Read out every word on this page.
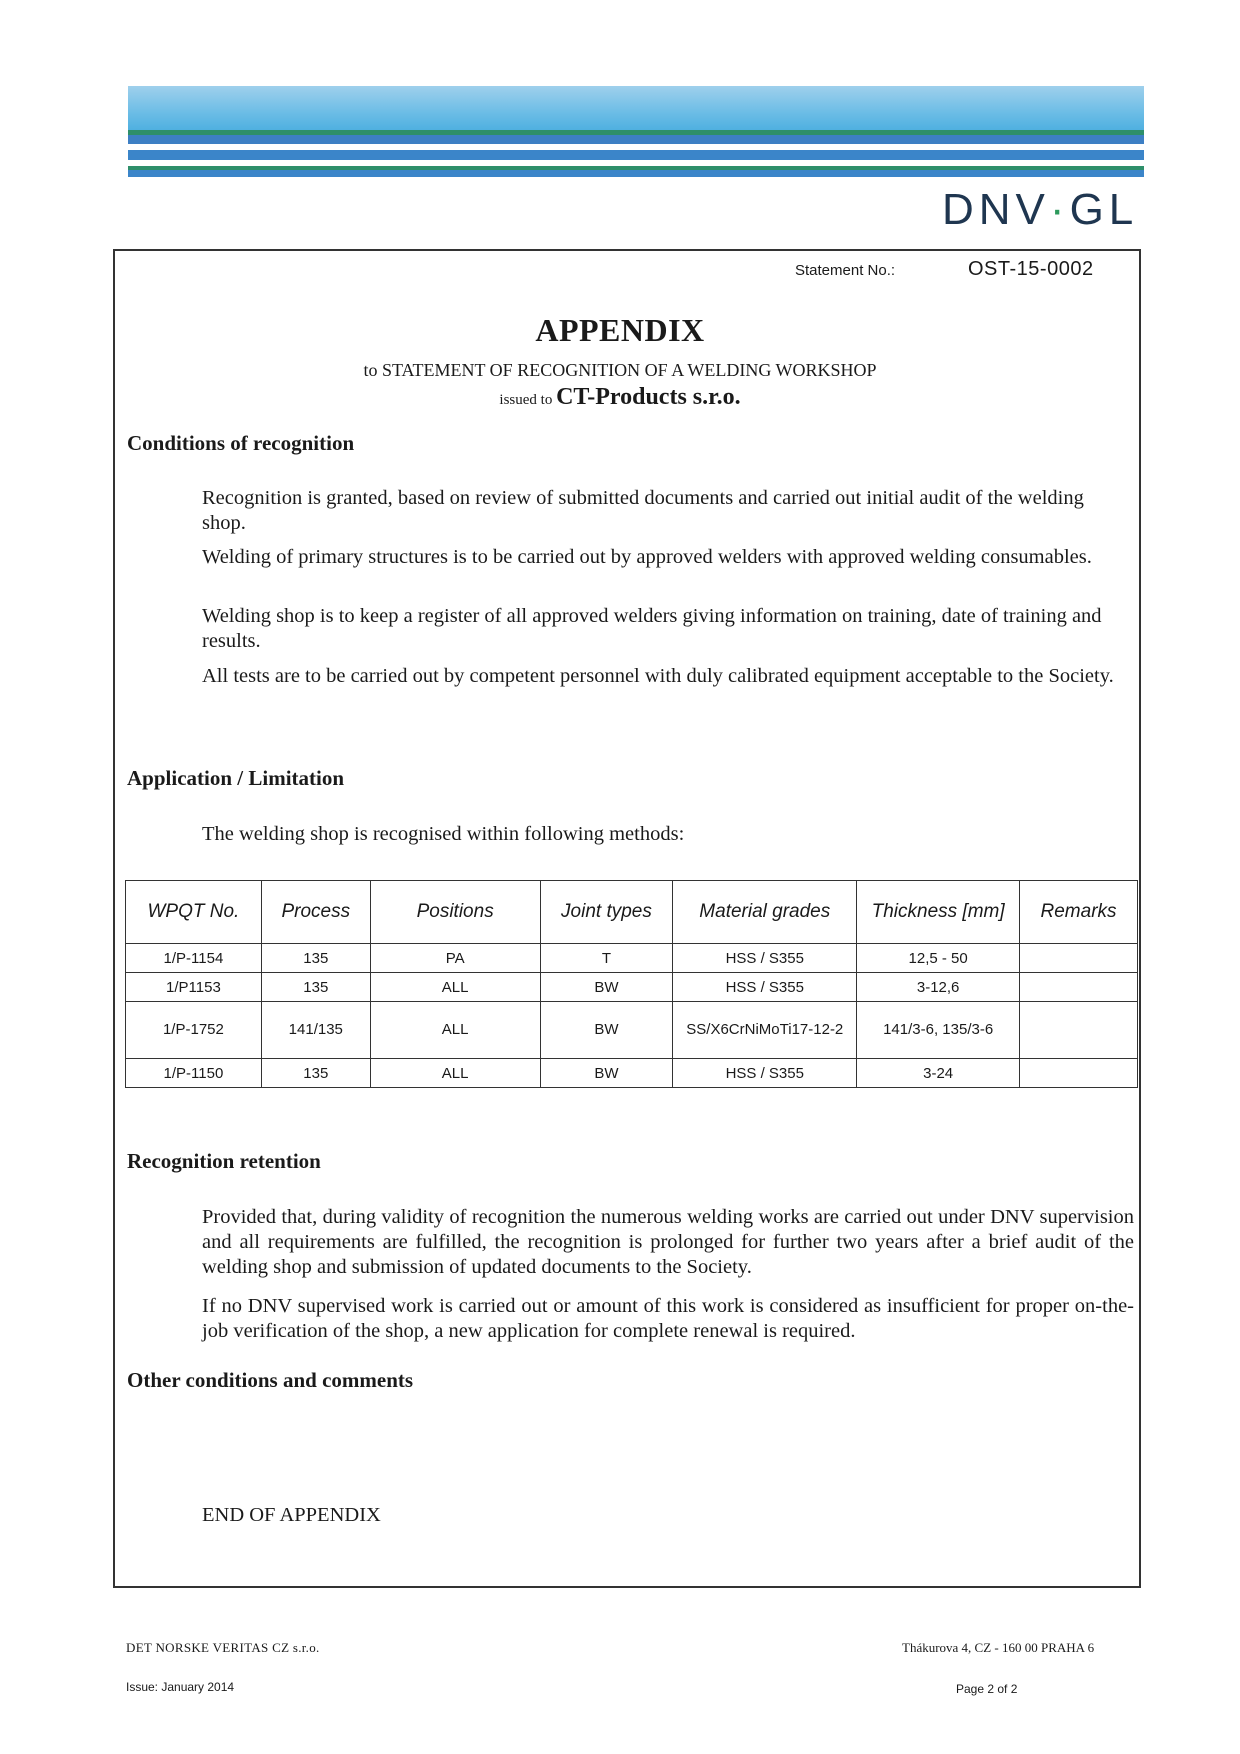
DNV·GL
Statement No.:	OST-15-0002
APPENDIX
to STATEMENT OF RECOGNITION OF A WELDING WORKSHOP
issued to CT-Products s.r.o.
Conditions of recognition

Recognition is granted, based on review of submitted documents and carried out initial audit of the welding shop.

Welding of primary structures is to be carried out by approved welders with approved welding consumables.

Welding shop is to keep a register of all approved welders giving information on training, date of training and results.

All tests are to be carried out by competent personnel with duly calibrated equipment acceptable to the Society.

Application / Limitation

The welding shop is recognised within following methods:

WPQT No.	Process	Positions	Joint types	Material grades	Thickness [mm]	Remarks
1/P-1154	135	PA	T	HSS / S355	12,5 - 50	
1/P1153	135	ALL	BW	HSS / S355	3-12,6	
1/P-1752	141/135	ALL	BW	SS/X6CrNiMoTi17-12-2	141/3-6, 135/3-6	
1/P-1150	135	ALL	BW	HSS / S355	3-24	
Recognition retention

Provided that, during validity of recognition the numerous welding works are carried out under DNV supervision and all requirements are fulfilled, the recognition is prolonged for further two years after a brief audit of the welding shop and submission of updated documents to the Society.

If no DNV supervised work is carried out or amount of this work is considered as insufficient for proper on-the-job verification of the shop, a new application for complete renewal is required.

Other conditions and comments

END OF APPENDIX

DET NORSKE VERITAS CZ s.r.o.	Thákurova 4, CZ - 160 00 PRAHA 6
Issue: January 2014	Page 2 of 2
